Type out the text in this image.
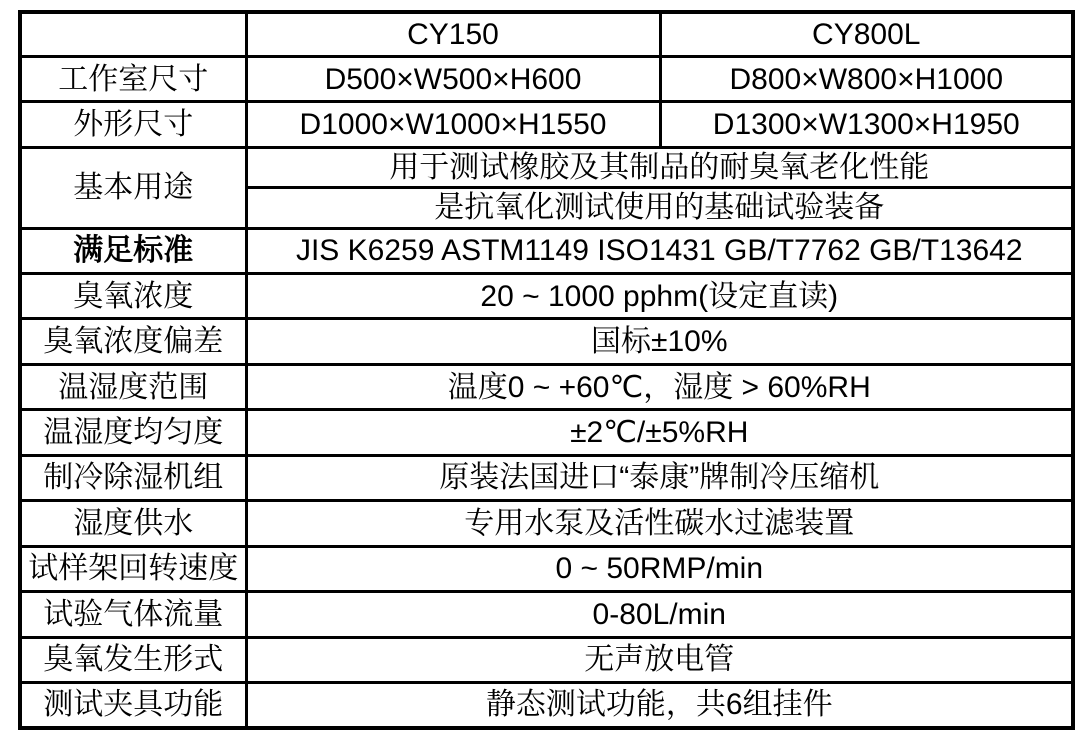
	CY150	CY800L
工作室尺寸	D500×W500×H600	D800×W800×H1000
外形尺寸	D1000×W1000×H1550	D1300×W1300×H1950
基本用途	用于测试橡胶及其制品的耐臭氧老化性能	
	是抗氧化测试使用的基础试验装备	
满足标准	JIS K6259 ASTM1149 ISO1431 GB/T7762 GB/T13642	
臭氧浓度	20 ~ 1000 pphm(设定直读)	
臭氧浓度偏差	国标±10%	
温湿度范围	温度0 ~ +60℃，湿度 > 60%RH	
温湿度均匀度	±2℃/±5%RH	
制冷除湿机组	原装法国进口“泰康”牌制冷压缩机	
湿度供水	专用水泵及活性碳水过滤装置	
试样架回转速度	0 ~ 50RMP/min	
试验气体流量	0-80L/min	
臭氧发生形式	无声放电管	
测试夹具功能	静态测试功能，共6组挂件	
